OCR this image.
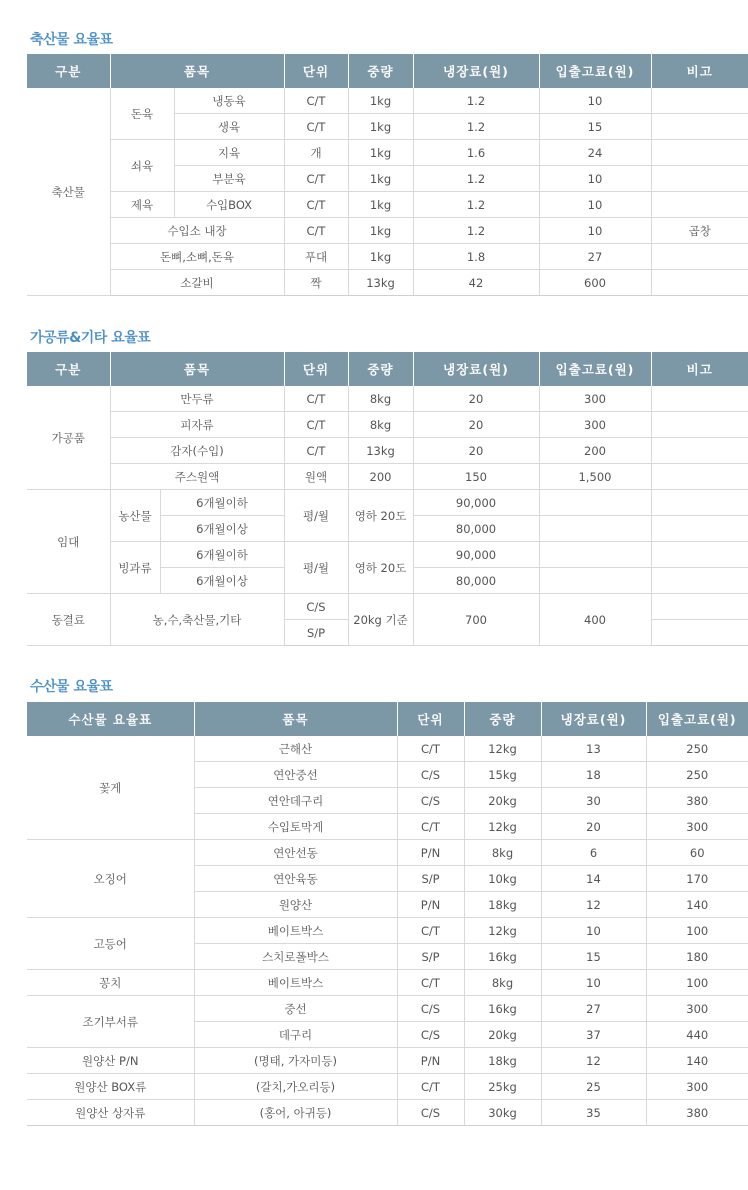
축산물 요율표
구분	품목		단위	중량	냉장료(원)	입출고료(원)	비고
축산물	돈육	냉동육	C/T	1kg	1.2	10	
		생육	C/T	1kg	1.2	15	
	쇠육	지육	개	1kg	1.6	24	
		부분육	C/T	1kg	1.2	10	
	제육	수입BOX	C/T	1kg	1.2	10	
	수입소 내장		C/T	1kg	1.2	10	곱창
	돈뼈,소뼈,돈육		푸대	1kg	1.8	27	
	소갈비		짝	13kg	42	600	
가공류&기타 요율표
구분	품목		단위	중량	냉장료(원)	입출고료(원)	비고
가공품	만두류		C/T	8kg	20	300	
	피자류		C/T	8kg	20	300	
	감자(수입)		C/T	13kg	20	200	
	주스원액		원액	200	150	1,500	
임대	농산물	6개월이하	평/월	영하 20도	90,000		
		6개월이상			80,000		
	빙과류	6개월이하	평/월	영하 20도	90,000		
		6개월이상			80,000		
동결료	농,수,축산물,기타		C/S	20kg 기준	700	400	
			S/P				
수산물 요율표
수산물 요율표	품목	단위	중량	냉장료(원)	입출고료(원)
꽃게	근해산	C/T	12kg	13	250
	연안중선	C/S	15kg	18	250
	연안데구리	C/S	20kg	30	380
	수입토막게	C/T	12kg	20	300
오징어	연안선동	P/N	8kg	6	60
	연안육동	S/P	10kg	14	170
	원양산	P/N	18kg	12	140
고등어	베이트박스	C/T	12kg	10	100
	스치로폴박스	S/P	16kg	15	180
꽁치	베이트박스	C/T	8kg	10	100
조기부서류	중선	C/S	16kg	27	300
	데구리	C/S	20kg	37	440
원양산 P/N	(명태, 가자미등)	P/N	18kg	12	140
원양산 BOX류	(갈치,가오리등)	C/T	25kg	25	300
원양산 상자류	(홍어, 아귀등)	C/S	30kg	35	380
